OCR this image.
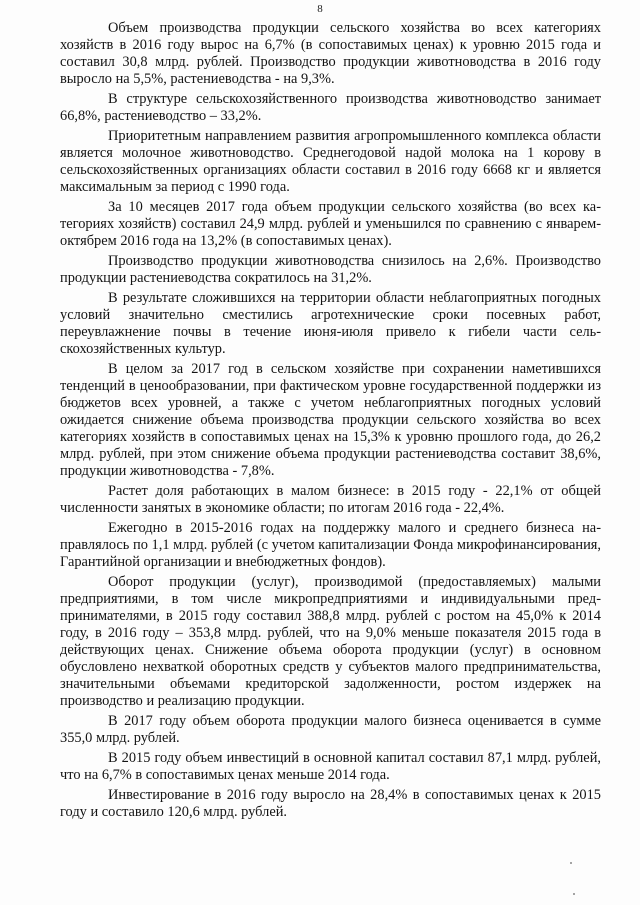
8

Объем производства продукции сельского хозяйства во всех категориях хозяйств в 2016 году вырос на 6,7% (в сопоставимых ценах) к уровню 2015 года и составил 30,8 млрд. рублей. Производство продукции животноводства в 2016 году выросло на 5,5%, растениеводства - на 9,3%.

В структуре сельскохозяйственного производства животноводство занимает 66,8%, растениеводство – 33,2%.

Приоритетным направлением развития агропромышленного комплекса области является молочное животноводство. Среднегодовой надой молока на 1 корову в сельскохозяйственных организациях области составил в 2016 году 6668 кг и является максимальным за период с 1990 года.

За 10 месяцев 2017 года объем продукции сельского хозяйства (во всех категориях хозяйств) составил 24,9 млрд. рублей и уменьшился по сравнению с январем-октябрем 2016 года на 13,2% (в сопоставимых ценах).

Производство продукции животноводства снизилось на 2,6%. Производство продукции растениеводства сократилось на 31,2%.

В результате сложившихся на территории области неблагоприятных погодных условий значительно сместились агротехнические сроки посевных работ, переувлажнение почвы в течение июня-июля привело к гибели части сельскохозяйственных культур.

В целом за 2017 год в сельском хозяйстве при сохранении наметившихся тенденций в ценообразовании, при фактическом уровне государственной поддержки из бюджетов всех уровней, а также с учетом неблагоприятных погодных условий ожидается снижение объема производства продукции сельского хозяйства во всех категориях хозяйств в сопоставимых ценах на 15,3% к уровню прошлого года, до 26,2 млрд. рублей, при этом снижение объема продукции растениеводства составит 38,6%, продукции животноводства - 7,8%.

Растет доля работающих в малом бизнесе: в 2015 году - 22,1% от общей численности занятых в экономике области; по итогам 2016 года - 22,4%.

Ежегодно в 2015-2016 годах на поддержку малого и среднего бизнеса направлялось по 1,1 млрд. рублей (с учетом капитализации Фонда микрофинансирования, Гарантийной организации и внебюджетных фондов).

Оборот продукции (услуг), производимой (предоставляемых) малыми предприятиями, в том числе микропредприятиями и индивидуальными предпринимателями, в 2015 году составил 388,8 млрд. рублей с ростом на 45,0% к 2014 году, в 2016 году – 353,8 млрд. рублей, что на 9,0% меньше показателя 2015 года в действующих ценах. Снижение объема оборота продукции (услуг) в основном обусловлено нехваткой оборотных средств у субъектов малого предпринимательства, значительными объемами кредиторской задолженности, ростом издержек на производство и реализацию продукции.

В 2017 году объем оборота продукции малого бизнеса оценивается в сумме 355,0 млрд. рублей.

В 2015 году объем инвестиций в основной капитал составил 87,1 млрд. рублей, что на 6,7% в сопоставимых ценах меньше 2014 года.

Инвестирование в 2016 году выросло на 28,4% в сопоставимых ценах к 2015 году и составило 120,6 млрд. рублей.
